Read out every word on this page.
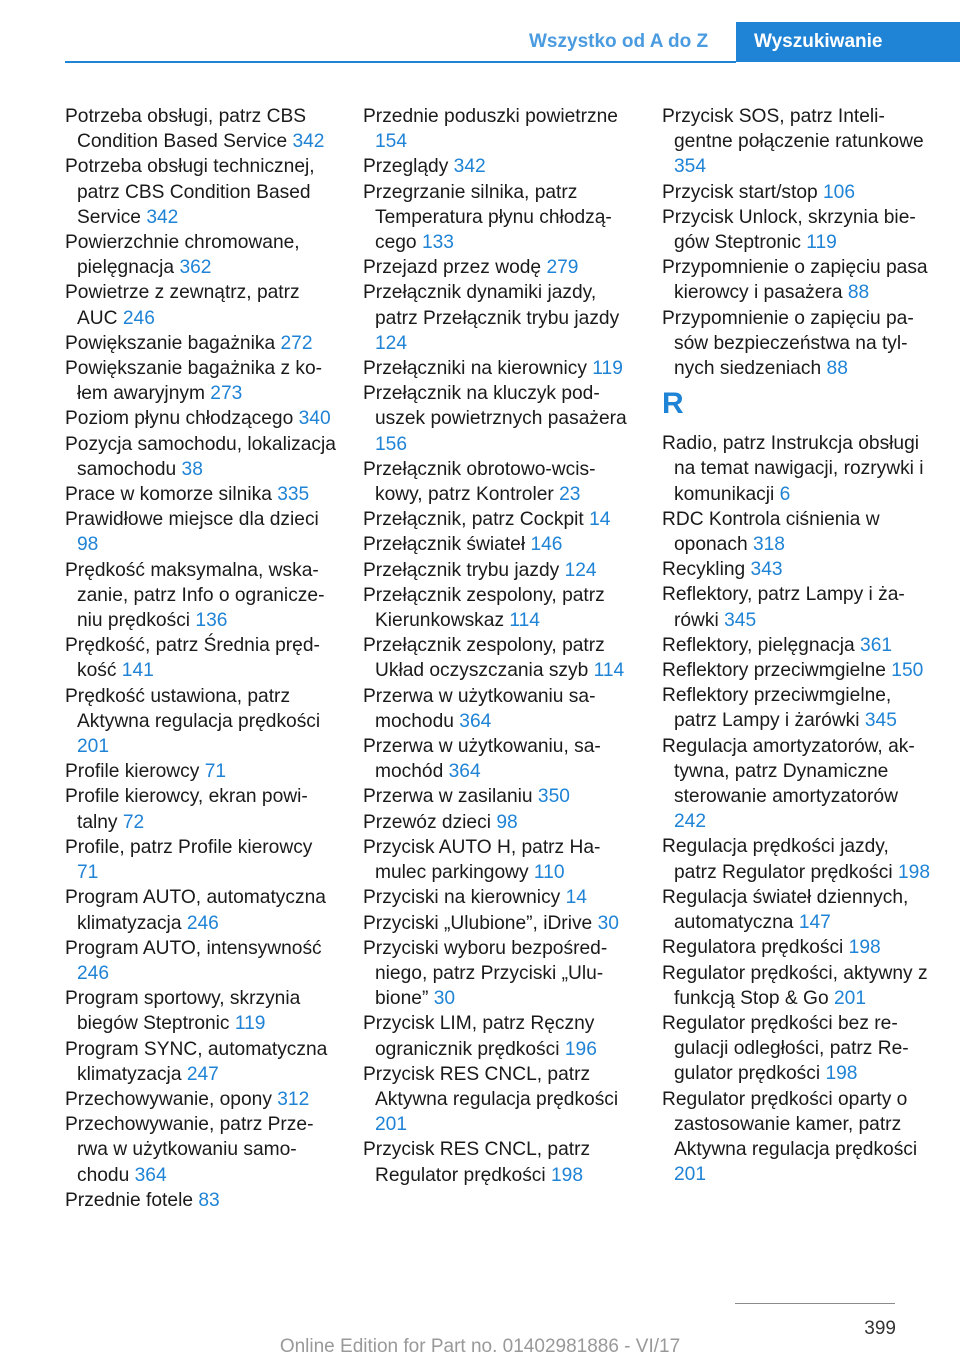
Wszystko od A do Z	Wyszukiwanie
Potrzeba obsługi, patrz CBS Condition Based Service 342
Potrzeba obsługi technicznej, patrz CBS Condition Based Service 342
Powierzchnie chromowane, pielęgnacja 362
Powietrze z zewnątrz, patrz AUC 246
Powiększanie bagażnika 272
Powiększanie bagażnika z kołem awaryjnym 273
Poziom płynu chłodzącego 340
Pozycja samochodu, lokalizacja samochodu 38
Prace w komorze silnika 335
Prawidłowe miejsce dla dzieci 98
Prędkość maksymalna, wskazanie, patrz Info o ograniczeniu prędkości 136
Prędkość, patrz Średnia prędkość 141
Prędkość ustawiona, patrz Aktywna regulacja prędkości 201
Profile kierowcy 71
Profile kierowcy, ekran powitalny 72
Profile, patrz Profile kierowcy 71
Program AUTO, automatyczna klimatyzacja 246
Program AUTO, intensywność 246
Program sportowy, skrzynia biegów Steptronic 119
Program SYNC, automatyczna klimatyzacja 247
Przechowywanie, opony 312
Przechowywanie, patrz Przerwa w użytkowaniu samochodu 364
Przednie fotele 83
Przednie poduszki powietrzne 154
Przeglądy 342
Przegrzanie silnika, patrz Temperatura płynu chłodzącego 133
Przejazd przez wodę 279
Przełącznik dynamiki jazdy, patrz Przełącznik trybu jazdy 124
Przełączniki na kierownicy 119
Przełącznik na kluczyk poduszek powietrznych pasażera 156
Przełącznik obrotowo-wciskowy, patrz Kontroler 23
Przełącznik, patrz Cockpit 14
Przełącznik świateł 146
Przełącznik trybu jazdy 124
Przełącznik zespolony, patrz Kierunkowskaz 114
Przełącznik zespolony, patrz Układ oczyszczania szyb 114
Przerwa w użytkowaniu samochodu 364
Przerwa w użytkowaniu, samochód 364
Przerwa w zasilaniu 350
Przewóz dzieci 98
Przycisk AUTO H, patrz Hamulec parkingowy 110
Przyciski na kierownicy 14
Przyciski „Ulubione”, iDrive 30
Przyciski wyboru bezpośredniego, patrz Przyciski „Ulubione” 30
Przycisk LIM, patrz Ręczny ogranicznik prędkości 196
Przycisk RES CNCL, patrz Aktywna regulacja prędkości 201
Przycisk RES CNCL, patrz Regulator prędkości 198
Przycisk SOS, patrz Inteligentne połączenie ratunkowe 354
Przycisk start/stop 106
Przycisk Unlock, skrzynia biegów Steptronic 119
Przypomnienie o zapięciu pasa kierowcy i pasażera 88
Przypomnienie o zapięciu pasów bezpieczeństwa na tylnych siedzeniach 88
R
Radio, patrz Instrukcja obsługi na temat nawigacji, rozrywki i komunikacji 6
RDC Kontrola ciśnienia w oponach 318
Recykling 343
Reflektory, patrz Lampy i żarówki 345
Reflektory, pielęgnacja 361
Reflektory przeciwmgielne 150
Reflektory przeciwmgielne, patrz Lampy i żarówki 345
Regulacja amortyzatorów, aktywna, patrz Dynamiczne sterowanie amortyzatorów 242
Regulacja prędkości jazdy, patrz Regulator prędkości 198
Regulacja świateł dziennych, automatyczna 147
Regulatora prędkości 198
Regulator prędkości, aktywny z funkcją Stop & Go 201
Regulator prędkości bez regulacji odległości, patrz Regulator prędkości 198
Regulator prędkości oparty o zastosowanie kamer, patrz Aktywna regulacja prędkości 201
399
Online Edition for Part no. 01402981886 - VI/17
